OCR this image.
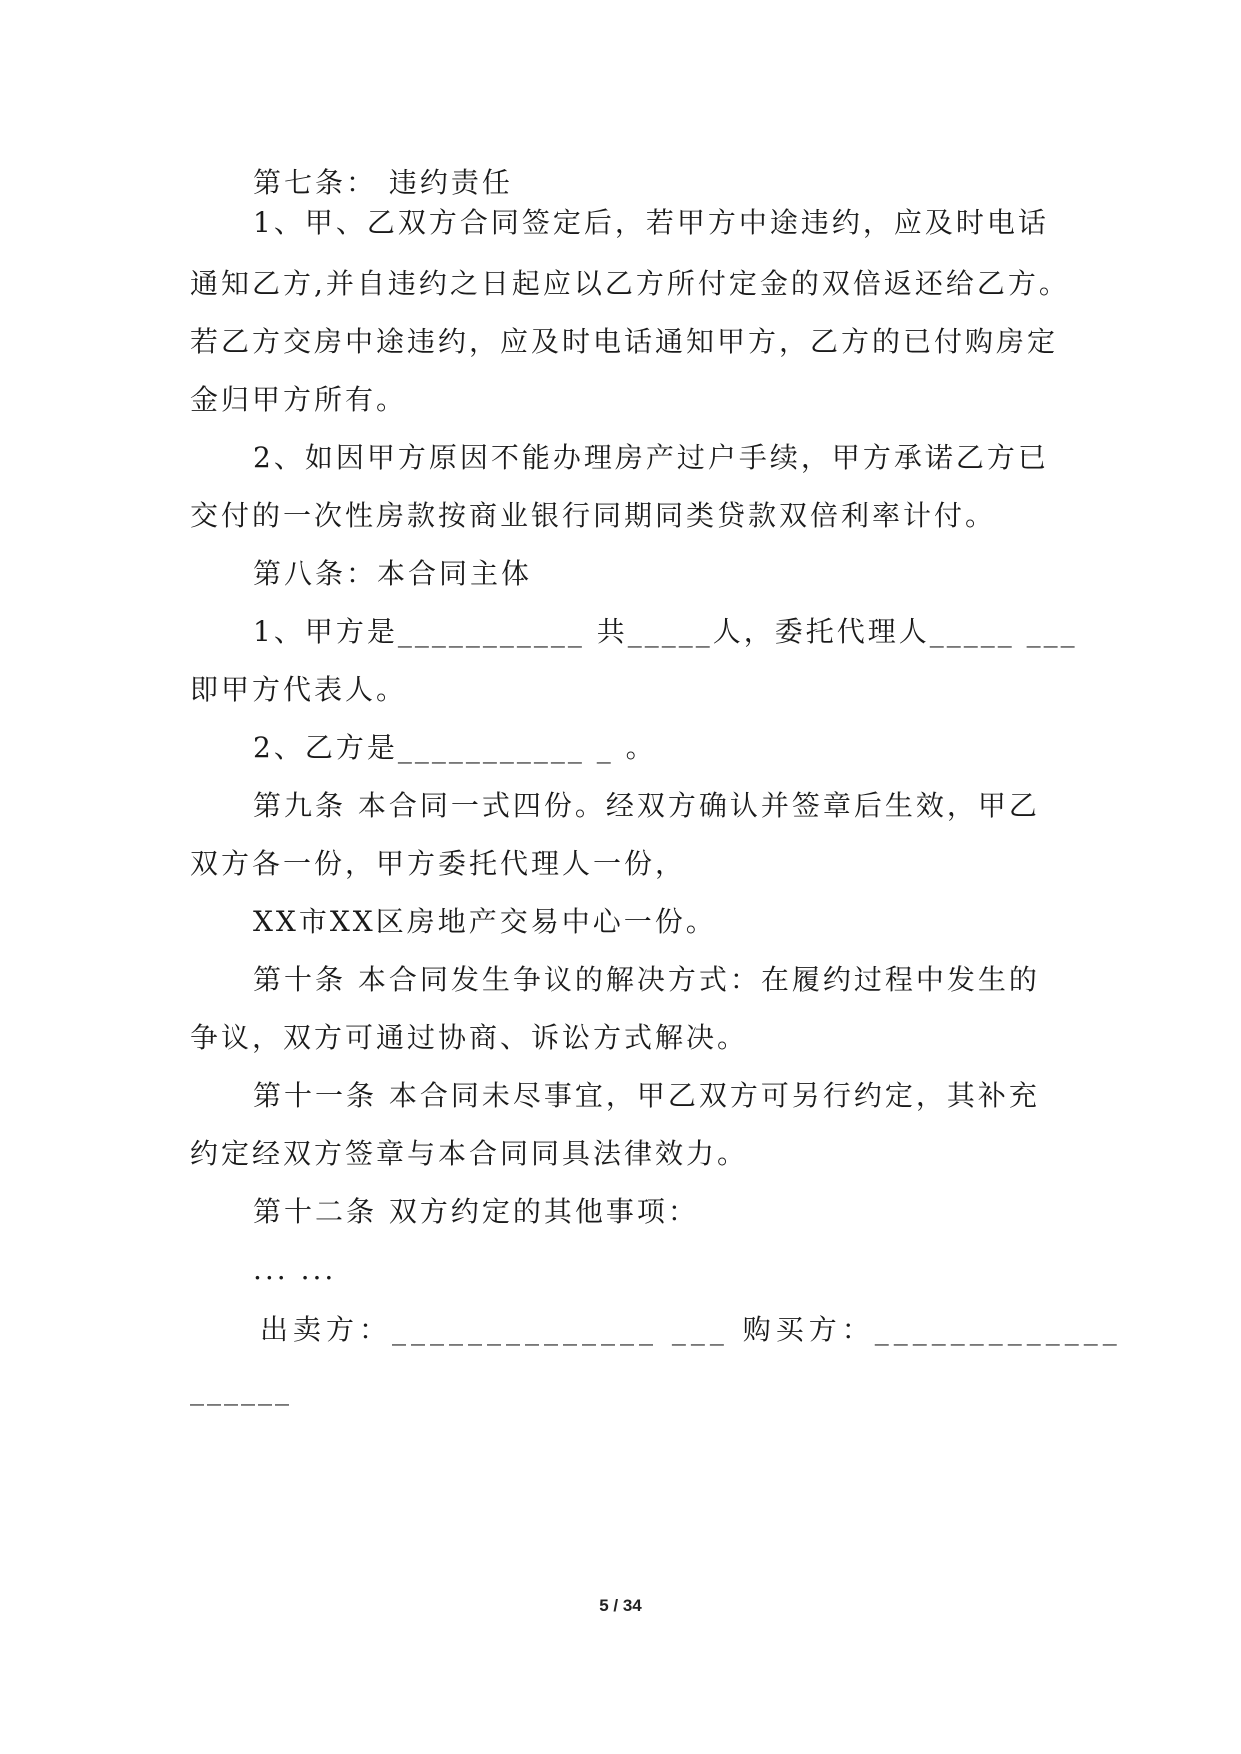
第七条： 违约责任
1、甲、乙双方合同签定后，若甲方中途违约，应及时电话
通知乙方,并自违约之日起应以乙方所付定金的双倍返还给乙方。
若乙方交房中途违约，应及时电话通知甲方，乙方的已付购房定
金归甲方所有。
2、如因甲方原因不能办理房产过户手续，甲方承诺乙方已
交付的一次性房款按商业银行同期同类贷款双倍利率计付。
第八条：本合同主体
1、甲方是___________ 共_____人，委托代理人_____ ___
即甲方代表人。
2、乙方是___________ _ 。
第九条 本合同一式四份。经双方确认并签章后生效，甲乙
双方各一份，甲方委托代理人一份，
XX市XX区房地产交易中心一份。
第十条 本合同发生争议的解决方式：在履约过程中发生的
争议，双方可通过协商、诉讼方式解决。
第十一条 本合同未尽事宜，甲乙双方可另行约定，其补充
约定经双方签章与本合同同具法律效力。
第十二条 双方约定的其他事项：
... ...
出卖方：______________ ___ 购买方：_____________
______
5 / 34
